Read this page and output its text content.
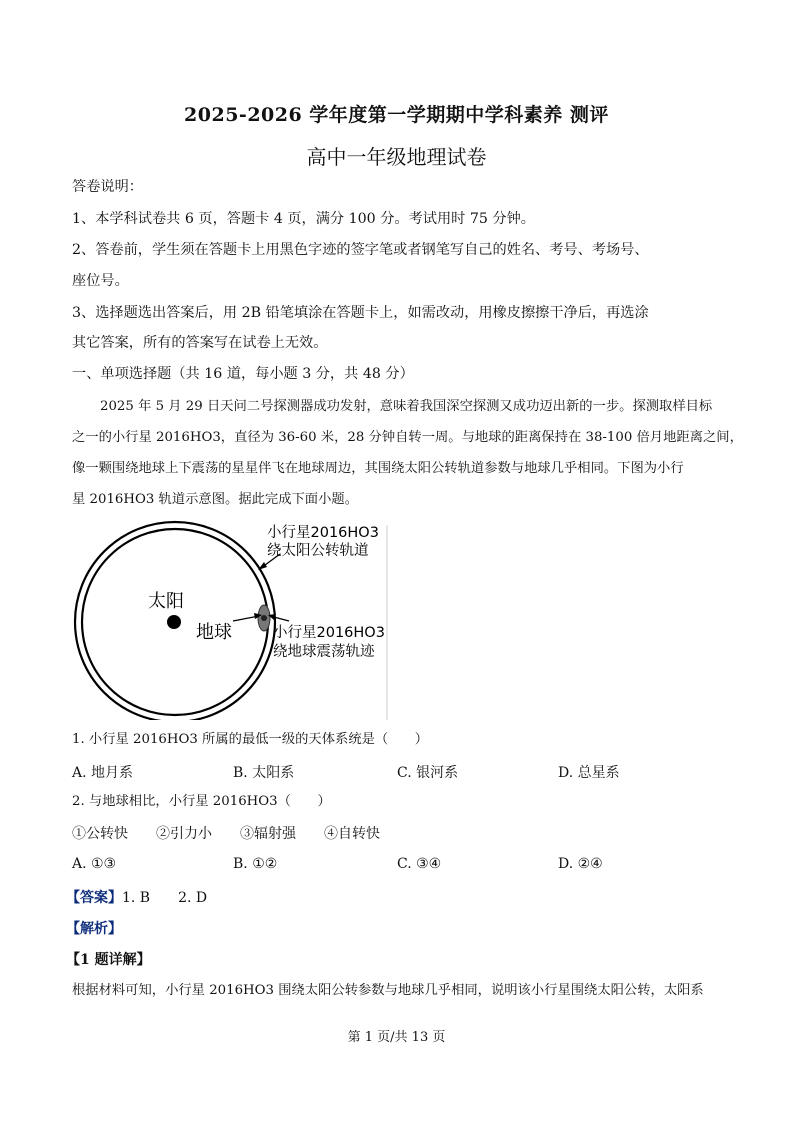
2025-2026 学年度第一学期期中学科素养 测评
高中一年级地理试卷
答卷说明：
1、本学科试卷共 6 页，答题卡 4 页，满分 100 分。考试用时 75 分钟。
2、答卷前，学生须在答题卡上用黑色字迹的签字笔或者钢笔写自己的姓名、考号、考场号、
座位号。
3、选择题选出答案后，用 2B 铅笔填涂在答题卡上，如需改动，用橡皮擦擦干净后，再选涂
其它答案，所有的答案写在试卷上无效。
一、单项选择题（共 16 道，每小题 3 分，共 48 分）
2025 年 5 月 29 日天问二号探测器成功发射，意味着我国深空探测又成功迈出新的一步。探测取样目标
之一的小行星 2016HO3，直径为 36-60 米，28 分钟自转一周。与地球的距离保持在 38-100 倍月地距离之间，
像一颗围绕地球上下震荡的星星伴飞在地球周边，其围绕太阳公转轨道参数与地球几乎相同。下图为小行
星 2016HO3 轨道示意图。据此完成下面小题。
小行星2016HO3
绕太阳公转轨道
太阳
地球	小行星2016HO3
绕地球震荡轨迹
1. 小行星 2016HO3 所属的最低一级的天体系统是（　　）
A. 地月系	B. 太阳系	C. 银河系	D. 总星系
2. 与地球相比，小行星 2016HO3（　　）
①公转快 ②引力小 ③辐射强 ④自转快
A. ①③	B. ①②	C. ③④	D. ②④
【答案】1. B　　2. D
【解析】
【1 题详解】
根据材料可知，小行星 2016HO3 围绕太阳公转参数与地球几乎相同，说明该小行星围绕太阳公转，太阳系
第 1 页/共 13 页
